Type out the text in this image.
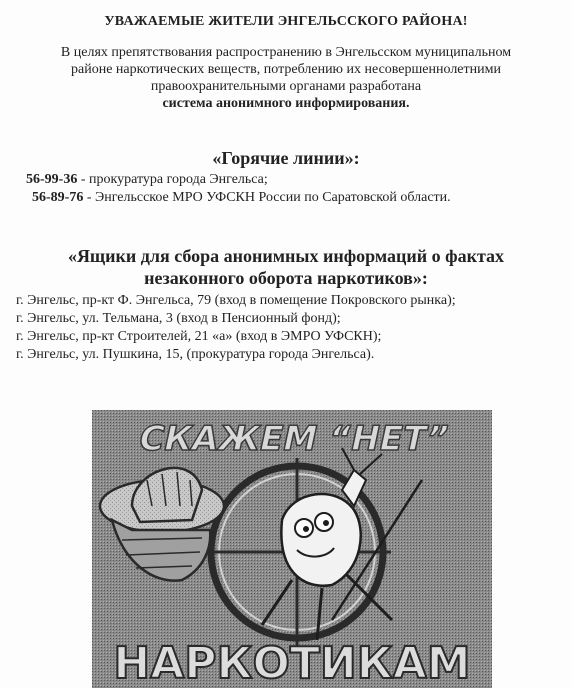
УВАЖАЕМЫЕ ЖИТЕЛИ ЭНГЕЛЬССКОГО РАЙОНА!
В целях препятствования распространению в Энгельсском муниципальном
районе наркотических веществ, потреблению их несовершеннолетними
правоохранительными органами разработана
система анонимного информирования.
«Горячие линии»:
56-99-36 - прокуратура города Энгельса;
56-89-76 - Энгельсское МРО УФСКН России по Саратовской области.
«Ящики для сбора анонимных информаций о фактах
незаконного оборота наркотиков»:
г. Энгельс, пр-кт Ф. Энгельса, 79 (вход в помещение Покровского рынка);
г. Энгельс, ул. Тельмана, 3 (вход в Пенсионный фонд);
г. Энгельс, пр-кт Строителей, 21 «а» (вход в ЭМРО УФСКН);
г. Энгельс, ул. Пушкина, 15, (прокуратура города Энгельса).
СКАЖЕМ “НЕТ”
НАРКОТИКАМ
